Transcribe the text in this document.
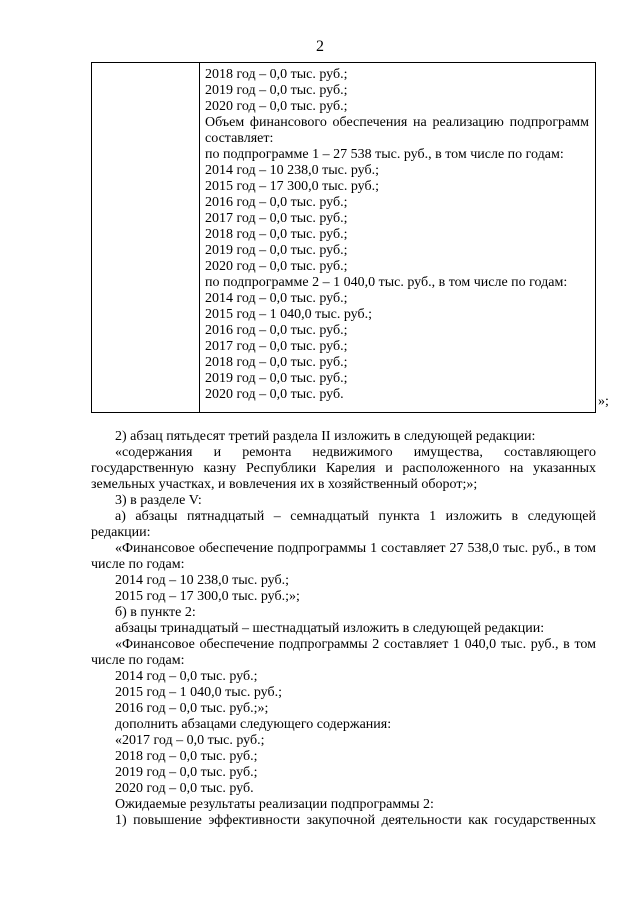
2
2018 год – 0,0 тыс. руб.;
2019 год – 0,0 тыс. руб.;
2020 год – 0,0 тыс. руб.;
Объем финансового обеспечения на реализацию подпрограмм
составляет:
по подпрограмме 1 – 27 538 тыс. руб., в том числе по годам:
2014 год – 10 238,0 тыс. руб.;
2015 год – 17 300,0 тыс. руб.;
2016 год – 0,0 тыс. руб.;
2017 год – 0,0 тыс. руб.;
2018 год – 0,0 тыс. руб.;
2019 год – 0,0 тыс. руб.;
2020 год – 0,0 тыс. руб.;
по подпрограмме 2 – 1 040,0 тыс. руб., в том числе по годам:
2014 год – 0,0 тыс. руб.;
2015 год – 1 040,0 тыс. руб.;
2016 год – 0,0 тыс. руб.;
2017 год – 0,0 тыс. руб.;
2018 год – 0,0 тыс. руб.;
2019 год – 0,0 тыс. руб.;
2020 год – 0,0 тыс. руб.	»;
2) абзац пятьдесят третий раздела II изложить в следующей редакции:
«содержания и ремонта недвижимого имущества, составляющего государственную казну Республики Карелия и расположенного на указанных земельных участках, и вовлечения их в хозяйственный оборот;»;
3) в разделе V:
а) абзацы пятнадцатый – семнадцатый пункта 1 изложить в следующей редакции:
«Финансовое обеспечение подпрограммы 1 составляет 27 538,0 тыс. руб., в том числе по годам:
2014 год – 10 238,0 тыс. руб.;
2015 год – 17 300,0 тыс. руб.;»;
б) в пункте 2:
абзацы тринадцатый – шестнадцатый изложить в следующей редакции:
«Финансовое обеспечение подпрограммы 2 составляет 1 040,0 тыс. руб., в том числе по годам:
2014 год – 0,0 тыс. руб.;
2015 год – 1 040,0 тыс. руб.;
2016 год – 0,0 тыс. руб.;»;
дополнить абзацами следующего содержания:
«2017 год – 0,0 тыс. руб.;
2018 год – 0,0 тыс. руб.;
2019 год – 0,0 тыс. руб.;
2020 год – 0,0 тыс. руб.
Ожидаемые результаты реализации подпрограммы 2:
1) повышение эффективности закупочной деятельности как государственных
